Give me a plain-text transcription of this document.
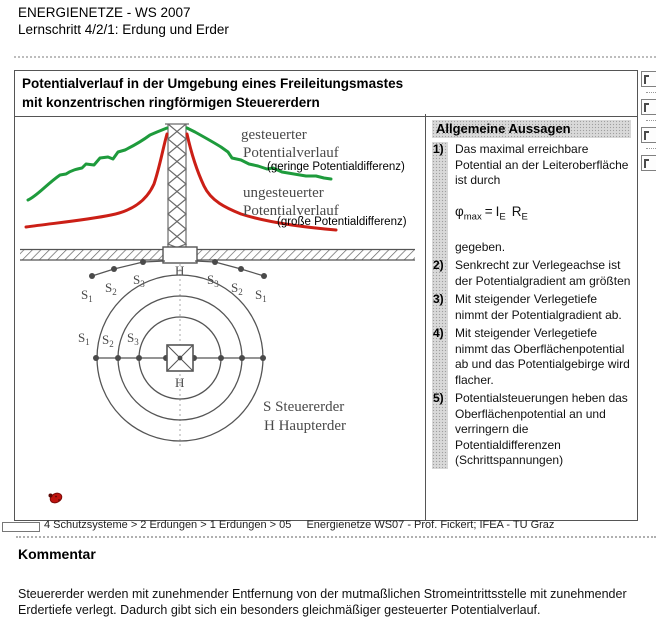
ENERGIENETZE - WS 2007
Lernschritt 4/2/1: Erdung und Erder
Potentialverlauf in der Umgebung eines Freileitungsmastes
mit konzentrischen ringförmigen Steuererdern
$S_3$
$S_2$
$S_1$
$S_3$ $S_2$ $S_1$
H
H
$S_1$ $S_2$ $S_3$
gesteuerter
Potentialverlauf
(geringe Potentialdifferenz)
ungesteuerter
Potentialverlauf
(große Potentialdifferenz)
S Steuererder
H Haupterder
Allgemeine Aussagen
1) Das maximal erreichbare Potential an der Leiteroberfläche ist durch
$\varphi_{max} = I_E$ $R_E$
gegeben.
2) Senkrecht zur Verlegeachse ist der Potentialgradient am größten
3) Mit steigender Verlegetiefe nimmt der Potentialgradient ab.
4) Mit steigender Verlegetiefe nimmt das Oberflächenpotential ab und das Potentialgebirge wird flacher.
5) Potentialsteuerungen heben das Oberflächenpotential an und verringern die Potentialdifferenzen (Schrittspannungen)
4 Schutzsysteme > 2 Erdungen > 1 Erdungen > 05 Energienetze WS07 - Prof. Fickert; IFEA - TU Graz
Kommentar
Steuererder werden mit zunehmender Entfernung von der mutmaßlichen Stromeintrittsstelle mit zunehmender Erdertiefe verlegt. Dadurch gibt sich ein besonders gleichmäßiger gesteuerter Potentialverlauf.
